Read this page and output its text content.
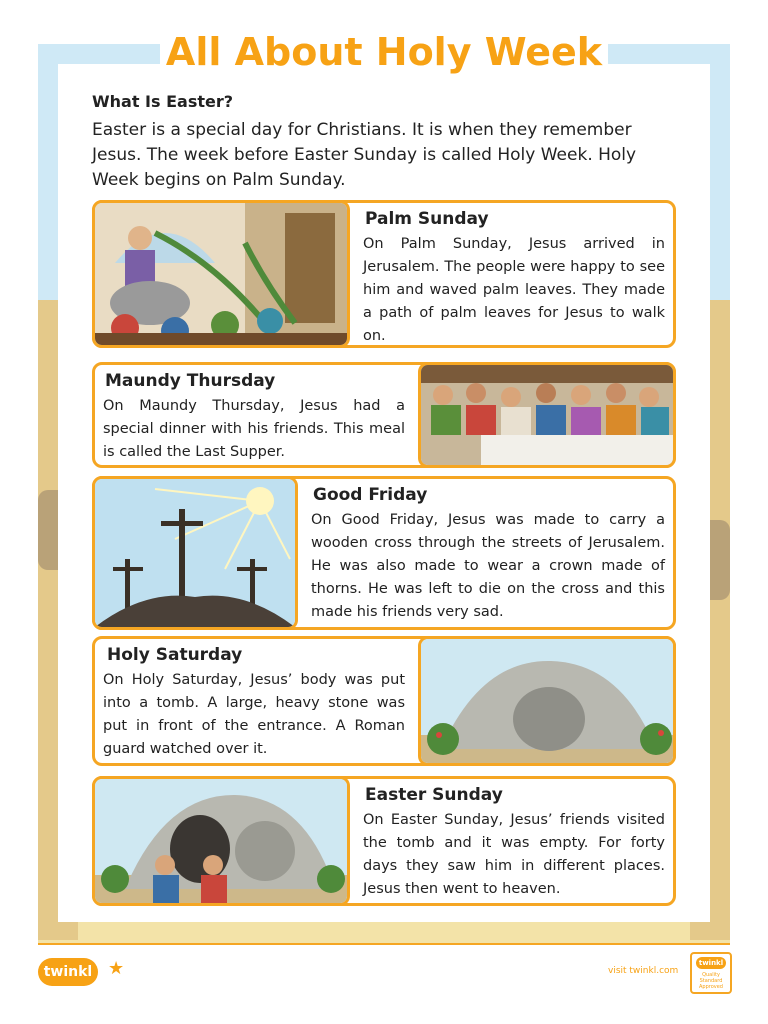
All About Holy Week
What Is Easter?
Easter is a special day for Christians. It is when they remember
Jesus. The week before Easter Sunday is called Holy Week. Holy
Week begins on Palm Sunday.
Palm Sunday

On Palm Sunday, Jesus arrived in Jerusalem. The people were happy to see him and waved palm leaves. They made a path of palm leaves for Jesus to walk on.

Maundy Thursday

On Maundy Thursday, Jesus had a special dinner with his friends. This meal is called the Last Supper.

Good Friday

On Good Friday, Jesus was made to carry a wooden cross through the streets of Jerusalem. He was also made to wear a crown made of thorns. He was left to die on the cross and this made his friends very sad.

Holy Saturday

On Holy Saturday, Jesus’ body was put into a tomb. A large, heavy stone was put in front of the entrance. A Roman guard watched over it.

Easter Sunday

On Easter Sunday, Jesus’ friends visited the tomb and it was empty. For forty days they saw him in different places. Jesus then went to heaven.

twinkl ★	visit twinkl.com
twinkl
Quality Standard Approved
